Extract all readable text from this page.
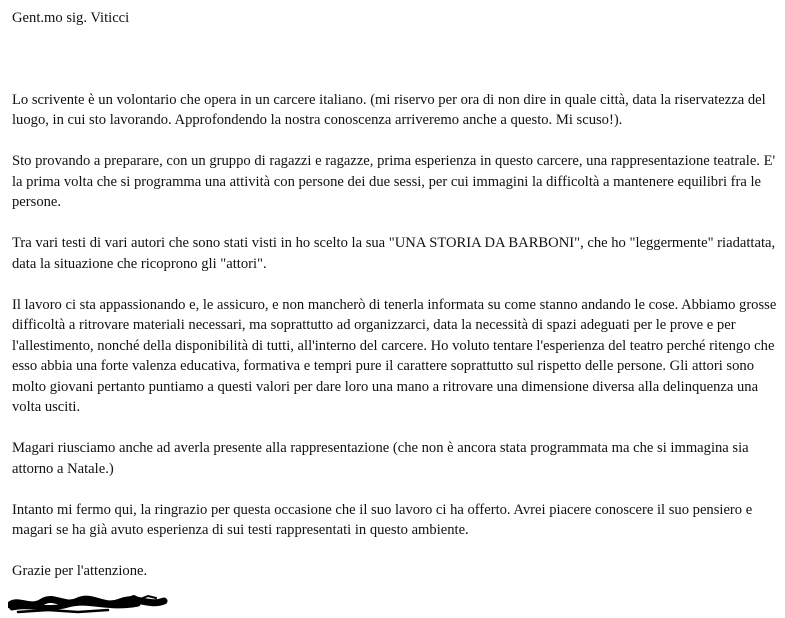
Gent.mo sig. Viticci

Lo scrivente è un volontario che opera in un carcere italiano. (mi riservo per ora di non dire in quale città, data la riservatezza del luogo, in cui sto lavorando. Approfondendo la nostra conoscenza arriveremo anche a questo. Mi scuso!).

Sto provando a preparare, con un gruppo di ragazzi e ragazze, prima esperienza in questo carcere, una rappresentazione teatrale. E' la prima volta che si programma una attività con persone dei due sessi, per cui immagini la difficoltà a mantenere equilibri fra le persone.

Tra vari testi di vari autori che sono stati visti in ho scelto la sua "UNA STORIA DA BARBONI", che ho "leggermente" riadattata, data la situazione che ricoprono gli "attori".

Il lavoro ci sta appassionando e, le assicuro, e non mancherò di tenerla informata su come stanno andando le cose. Abbiamo grosse difficoltà a ritrovare materiali necessari, ma soprattutto ad organizzarci, data la necessità di spazi adeguati per le prove e per l'allestimento, nonché della disponibilità di tutti, all'interno del carcere. Ho voluto tentare l'esperienza del teatro perché ritengo che esso abbia una forte valenza educativa, formativa e tempri pure il carattere soprattutto sul rispetto delle persone. Gli attori sono molto giovani pertanto puntiamo a questi valori per dare loro una mano a ritrovare una dimensione diversa alla delinquenza una volta usciti.

Magari riusciamo anche ad averla presente alla rappresentazione (che non è ancora stata programmata ma che si immagina sia attorno a Natale.)

Intanto mi fermo qui, la ringrazio per questa occasione che il suo lavoro ci ha offerto. Avrei piacere conoscere il suo pensiero e magari se ha già avuto esperienza di sui testi rappresentati in questo ambiente.

Grazie per l'attenzione.
